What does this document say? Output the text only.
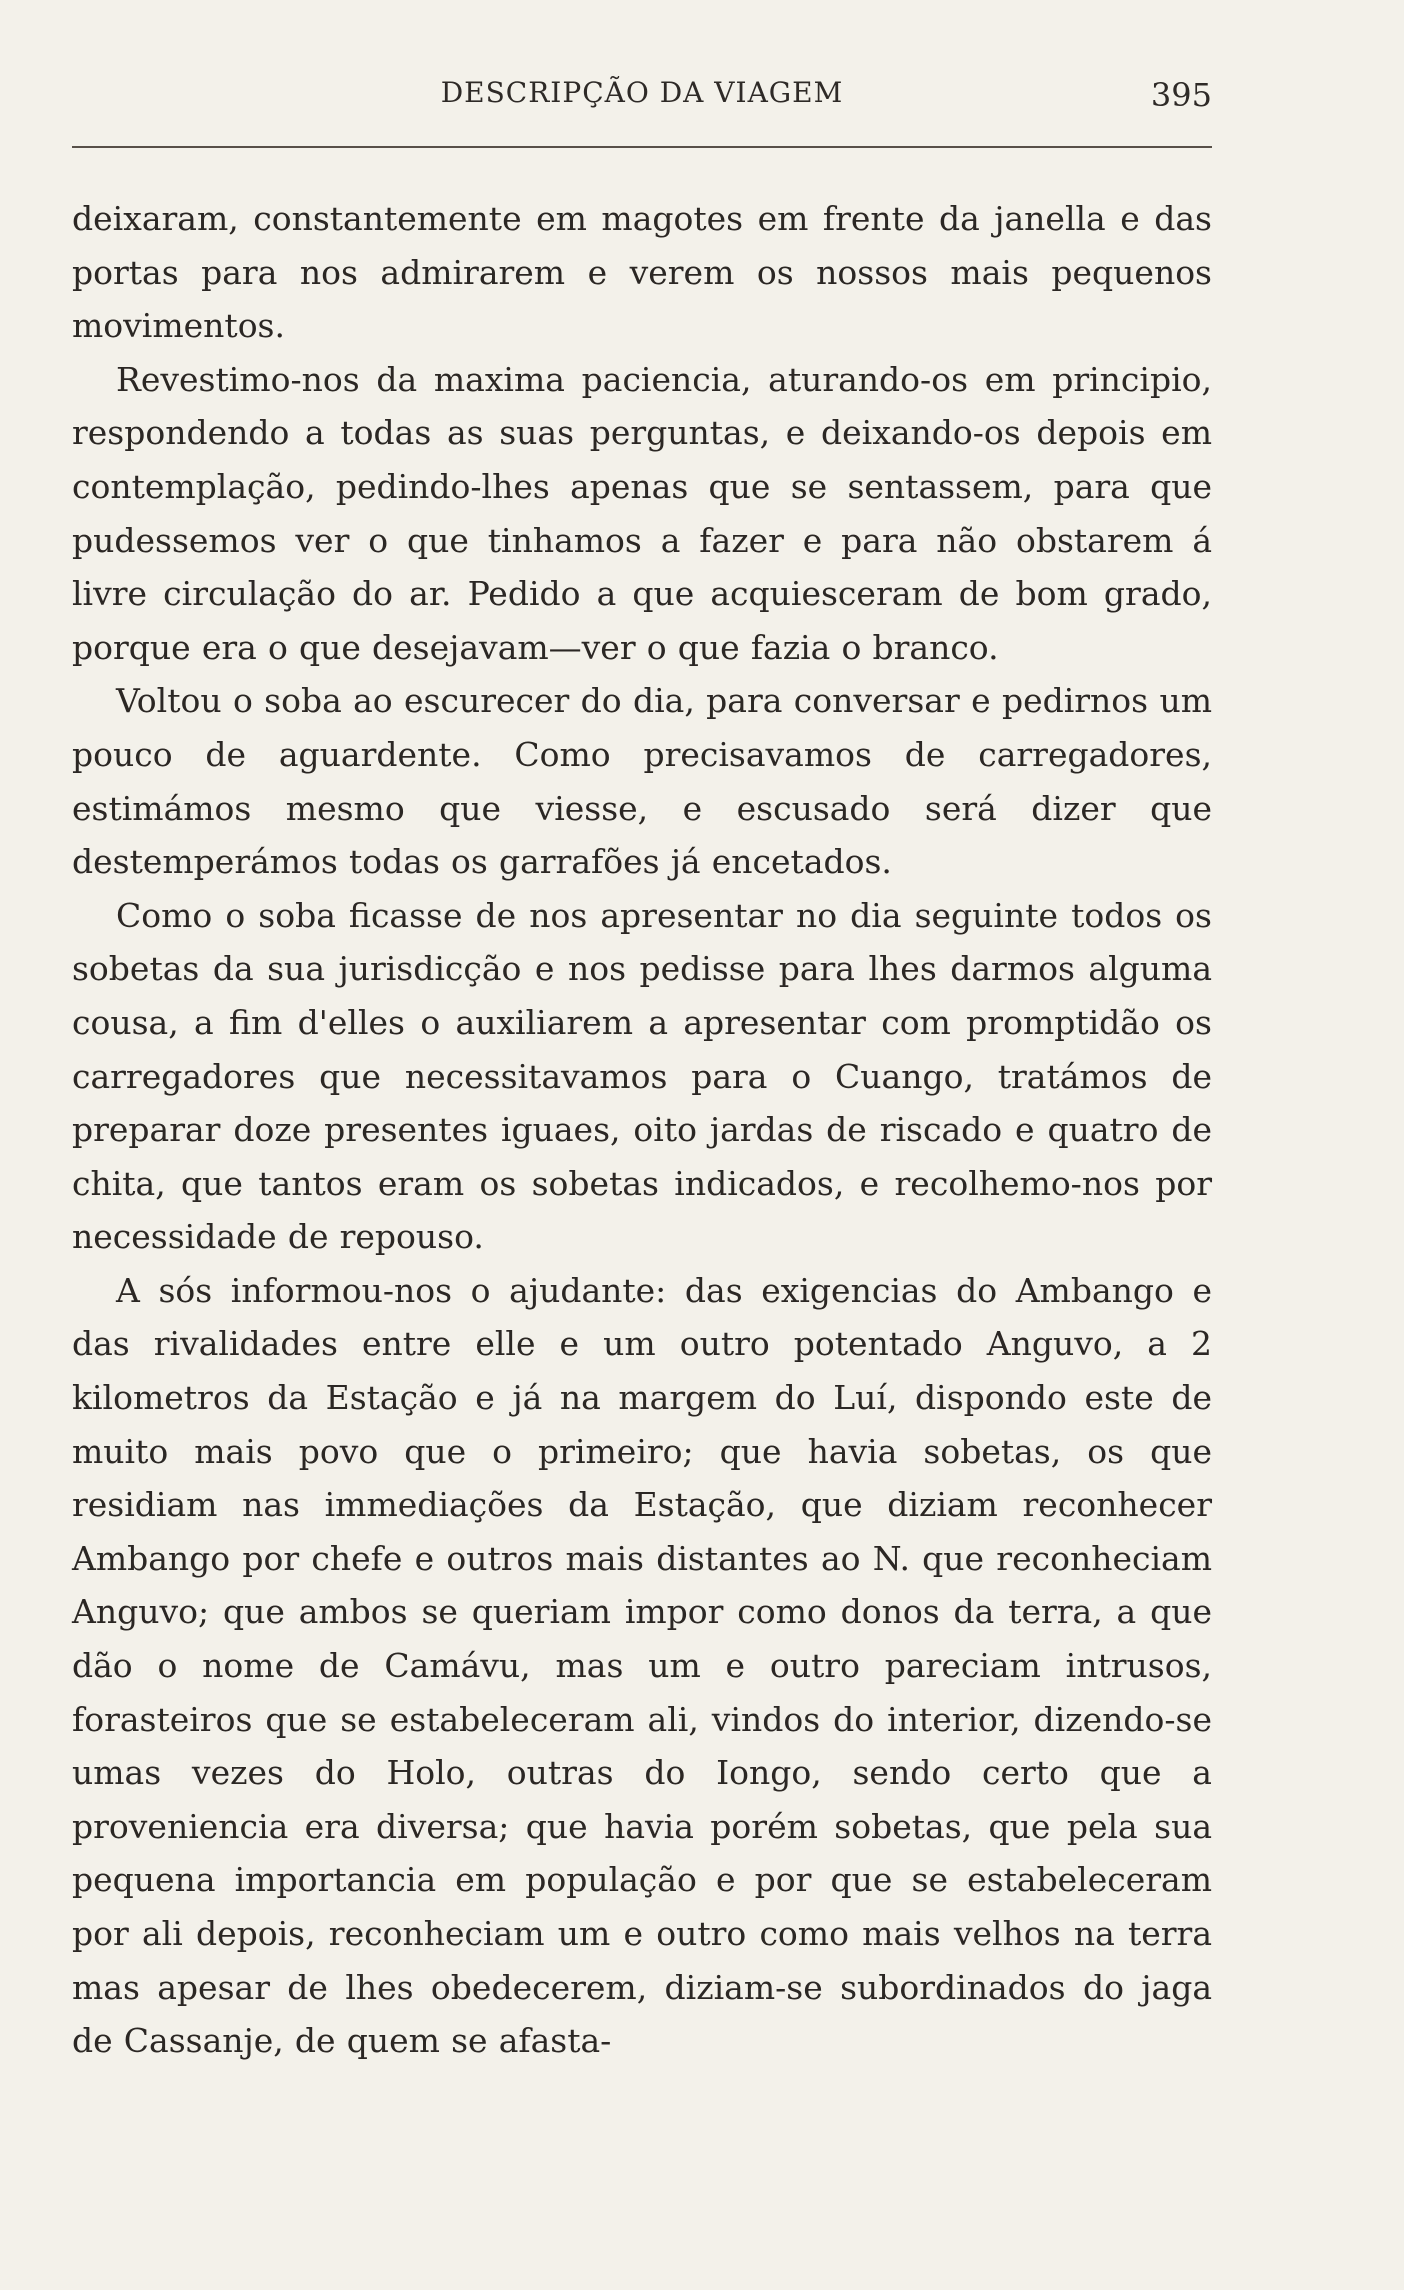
DESCRIPÇÃO DA VIAGEM	395

deixaram, constantemente em magotes em frente da janella e das portas para nos admirarem e verem os nossos mais pequenos movimentos.

Revestimo-nos da maxima paciencia, aturando-os em principio, respondendo a todas as suas perguntas, e deixando-os depois em contemplação, pedindo-lhes apenas que se sentassem, para que pudessemos ver o que tinhamos a fazer e para não obstarem á livre circulação do ar. Pedido a que acquiesceram de bom grado, porque era o que desejavam—ver o que fazia o branco.

Voltou o soba ao escurecer do dia, para conversar e pedirnos um pouco de aguardente. Como precisavamos de carregadores, estimámos mesmo que viesse, e escusado será dizer que destemperámos todas os garrafões já encetados.

Como o soba ficasse de nos apresentar no dia seguinte todos os sobetas da sua jurisdicção e nos pedisse para lhes darmos alguma cousa, a fim d'elles o auxiliarem a apresentar com promptidão os carregadores que necessitavamos para o Cuango, tratámos de preparar doze presentes iguaes, oito jardas de riscado e quatro de chita, que tantos eram os sobetas indicados, e recolhemo-nos por necessidade de repouso.

A sós informou-nos o ajudante: das exigencias do Ambango e das rivalidades entre elle e um outro potentado Anguvo, a 2 kilometros da Estação e já na margem do Luí, dispondo este de muito mais povo que o primeiro; que havia sobetas, os que residiam nas immediações da Estação, que diziam reconhecer Ambango por chefe e outros mais distantes ao N. que reconheciam Anguvo; que ambos se queriam impor como donos da terra, a que dão o nome de Camávu, mas um e outro pareciam intrusos, forasteiros que se estabeleceram ali, vindos do interior, dizendo-se umas vezes do Holo, outras do Iongo, sendo certo que a proveniencia era diversa; que havia porém sobetas, que pela sua pequena importancia em população e por que se estabeleceram por ali depois, reconheciam um e outro como mais velhos na terra mas apesar de lhes obedecerem, diziam-se subordinados do jaga de Cassanje, de quem se afasta-
